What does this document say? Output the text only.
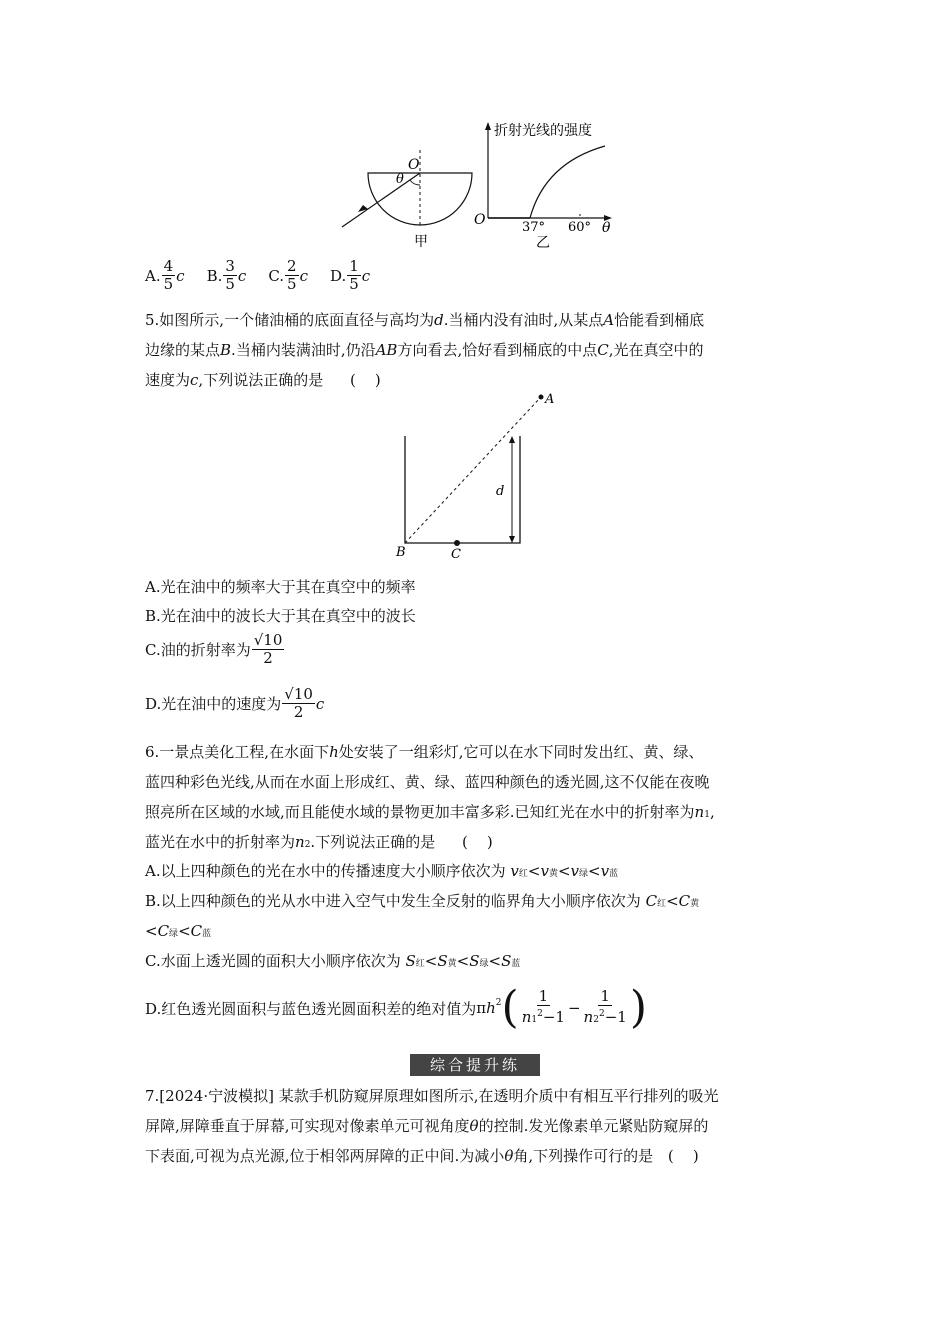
O
θ
甲
折射光线的强度
O	37° 60° θ
乙
A. $\frac{4}{5}$ c B. $\frac{3}{5}$ c C. $\frac{2}{5}$ c D. $\frac{1}{5}$ c
5.如图所示,一个储油桶的底面直径与高均为d.当桶内没有油时,从某点A恰能看到桶底
边缘的某点B.当桶内装满油时,仍沿AB方向看去,恰好看到桶底的中点C,光在真空中的
速度为c,下列说法正确的是 (    )
A
B	C
d
A.光在油中的频率大于其在真空中的频率
B.光在油中的波长大于其在真空中的波长
C.油的折射率为 $\frac{√10}{2}$
D.光在油中的速度为 $\frac{√10}{2}$ c
6.一景点美化工程,在水面下h处安装了一组彩灯,它可以在水下同时发出红、黄、绿、
蓝四种彩色光线,从而在水面上形成红、黄、绿、蓝四种颜色的透光圆,这不仅能在夜晚
照亮所在区域的水域,而且能使水域的景物更加丰富多彩.已知红光在水中的折射率为n1,
蓝光在水中的折射率为n2.下列说法正确的是 (    )
A.以上四种颜色的光在水中的传播速度大小顺序依次为 v红<v黄<v绿<v蓝
B.以上四种颜色的光从水中进入空气中发生全反射的临界角大小顺序依次为 C红<C黄
<C绿<C蓝
C.水面上透光圆的面积大小顺序依次为 S红<S黄<S绿<S蓝
D.红色透光圆面积与蓝色透光圆面积差的绝对值为 π h 2 ( $\frac{1}{n1^2-1} - \frac{1}{n2^2-1}$ )
综合提升练
7.[2024·宁波模拟] 某款手机防窥屏原理如图所示,在透明介质中有相互平行排列的吸光
屏障,屏障垂直于屏幕,可实现对像素单元可视角度θ的控制.发光像素单元紧贴防窥屏的
下表面,可视为点光源,位于相邻两屏障的正中间.为减小θ角,下列操作可行的是 (    )
